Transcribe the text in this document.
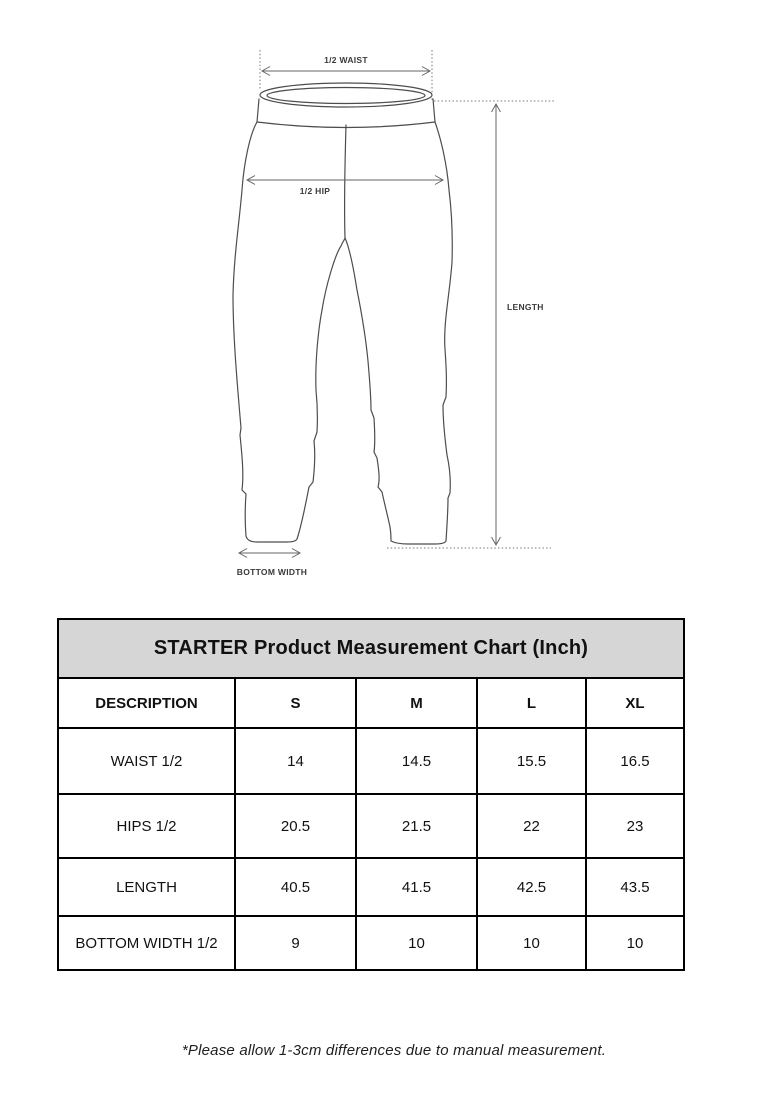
1/2 WAIST
1/2 HIP
LENGTH
BOTTOM WIDTH
STARTER Product Measurement Chart (Inch)				
DESCRIPTION	S	M	L	XL
WAIST 1/2	14	14.5	15.5	16.5
HIPS 1/2	20.5	21.5	22	23
LENGTH	40.5	41.5	42.5	43.5
BOTTOM WIDTH 1/2	9	10	10	10
*Please allow 1-3cm differences due to manual measurement.
